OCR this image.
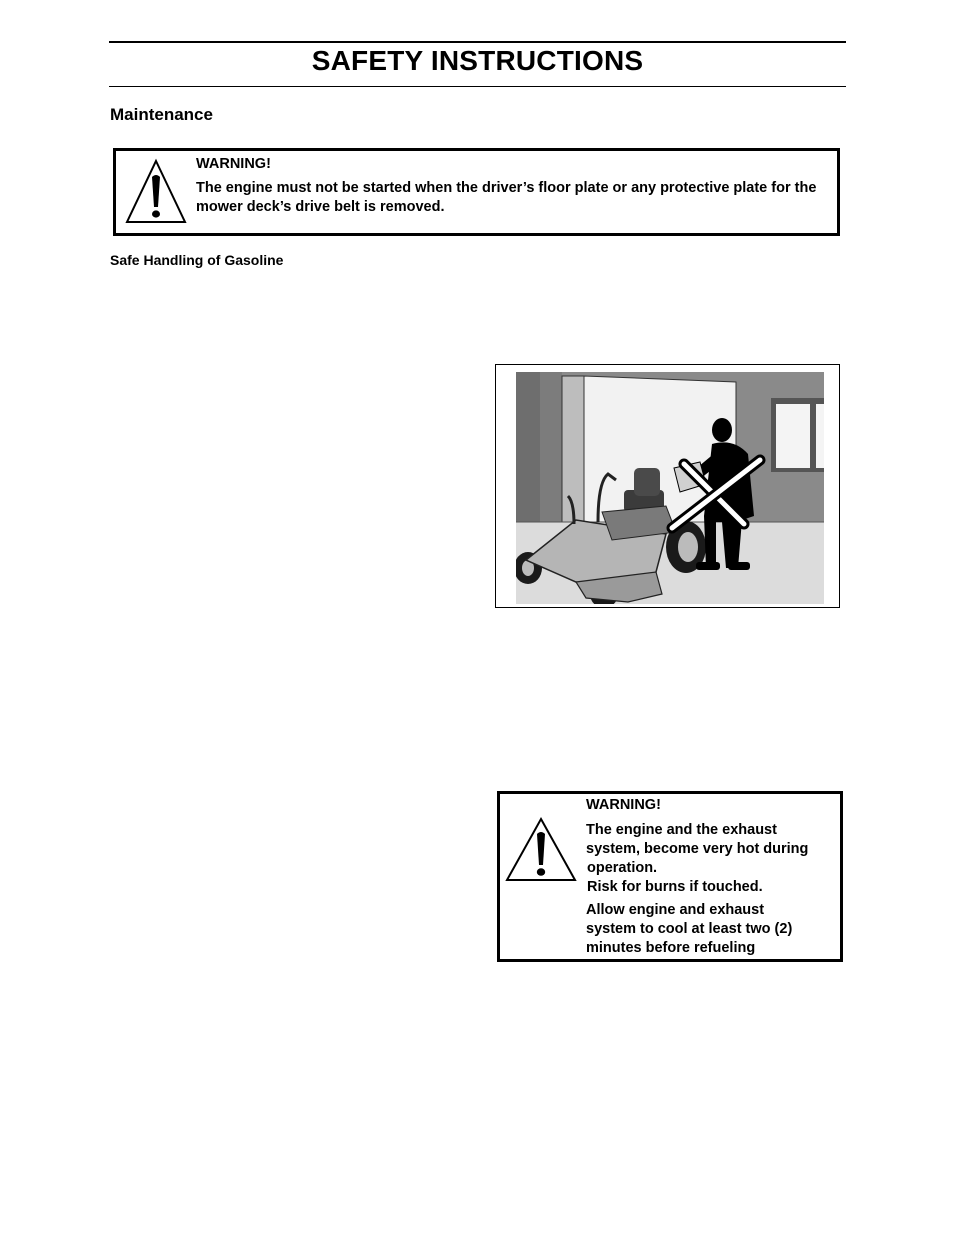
SAFETY INSTRUCTIONS
Maintenance
WARNING!
The engine must not be started when the driver’s floor plate or any protective plate for the mower deck’s drive belt is removed.
Safe Handling of Gasoline
WARNING!
The engine and the exhaust
system, become very hot during
operation.
Risk for burns if touched.
Allow engine and exhaust
system to cool at least two (2)
minutes before refueling
